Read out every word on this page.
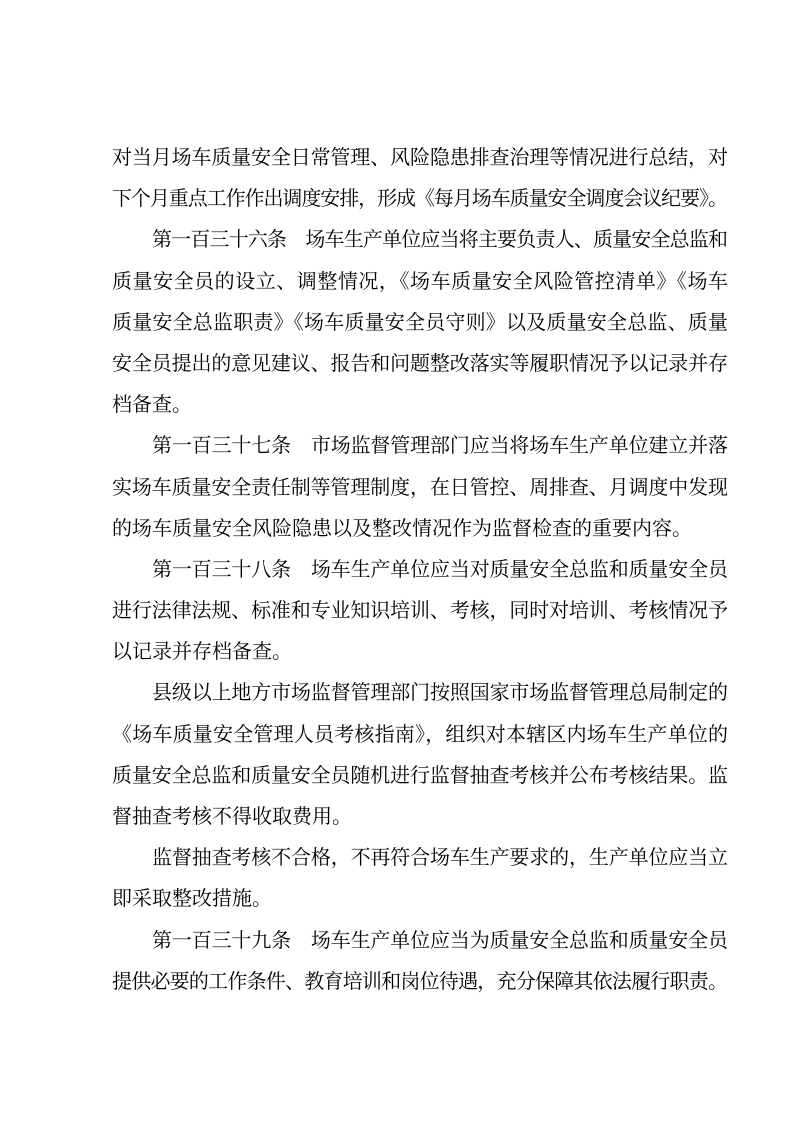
对当月场车质量安全日常管理、风险隐患排查治理等情况进行总结，对
下个月重点工作作出调度安排，形成《每月场车质量安全调度会议纪要》。
第一百三十六条　场车生产单位应当将主要负责人、质量安全总监和
质量安全员的设立、调整情况，《场车质量安全风险管控清单》《场车
质量安全总监职责》《场车质量安全员守则》以及质量安全总监、质量
安全员提出的意见建议、报告和问题整改落实等履职情况予以记录并存
档备查。
第一百三十七条　市场监督管理部门应当将场车生产单位建立并落
实场车质量安全责任制等管理制度，在日管控、周排查、月调度中发现
的场车质量安全风险隐患以及整改情况作为监督检查的重要内容。
第一百三十八条　场车生产单位应当对质量安全总监和质量安全员
进行法律法规、标准和专业知识培训、考核，同时对培训、考核情况予
以记录并存档备查。
县级以上地方市场监督管理部门按照国家市场监督管理总局制定的
《场车质量安全管理人员考核指南》，组织对本辖区内场车生产单位的
质量安全总监和质量安全员随机进行监督抽查考核并公布考核结果。监
督抽查考核不得收取费用。
监督抽查考核不合格，不再符合场车生产要求的，生产单位应当立
即采取整改措施。
第一百三十九条　场车生产单位应当为质量安全总监和质量安全员
提供必要的工作条件、教育培训和岗位待遇，充分保障其依法履行职责。
